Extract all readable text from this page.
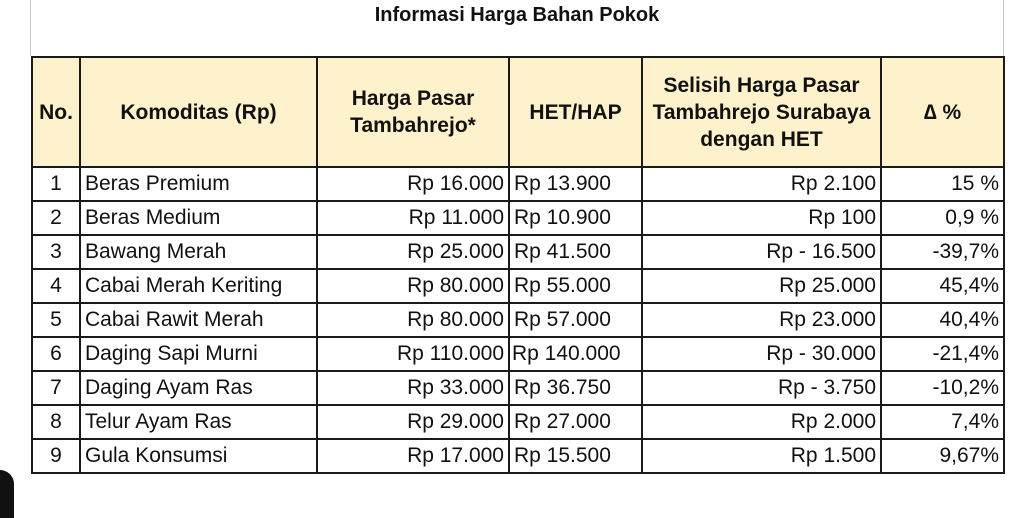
Informasi Harga Bahan Pokok
No.	Komoditas (Rp)	Harga Pasar Tambahrejo*	HET/HAP	Selisih Harga Pasar Tambahrejo Surabaya dengan HET	∆ %
1	Beras Premium	Rp 16.000	Rp 13.900	Rp 2.100	15 %
2	Beras Medium	Rp 11.000	Rp 10.900	Rp 100	0,9 %
3	Bawang Merah	Rp 25.000	Rp 41.500	Rp - 16.500	-39,7%
4	Cabai Merah Keriting	Rp 80.000	Rp 55.000	Rp 25.000	45,4%
5	Cabai Rawit Merah	Rp 80.000	Rp 57.000	Rp 23.000	40,4%
6	Daging Sapi Murni	Rp 110.000	Rp 140.000	Rp - 30.000	-21,4%
7	Daging Ayam Ras	Rp 33.000	Rp 36.750	Rp - 3.750	-10,2%
8	Telur Ayam Ras	Rp 29.000	Rp 27.000	Rp 2.000	7,4%
9	Gula Konsumsi	Rp 17.000	Rp 15.500	Rp 1.500	9,67%
